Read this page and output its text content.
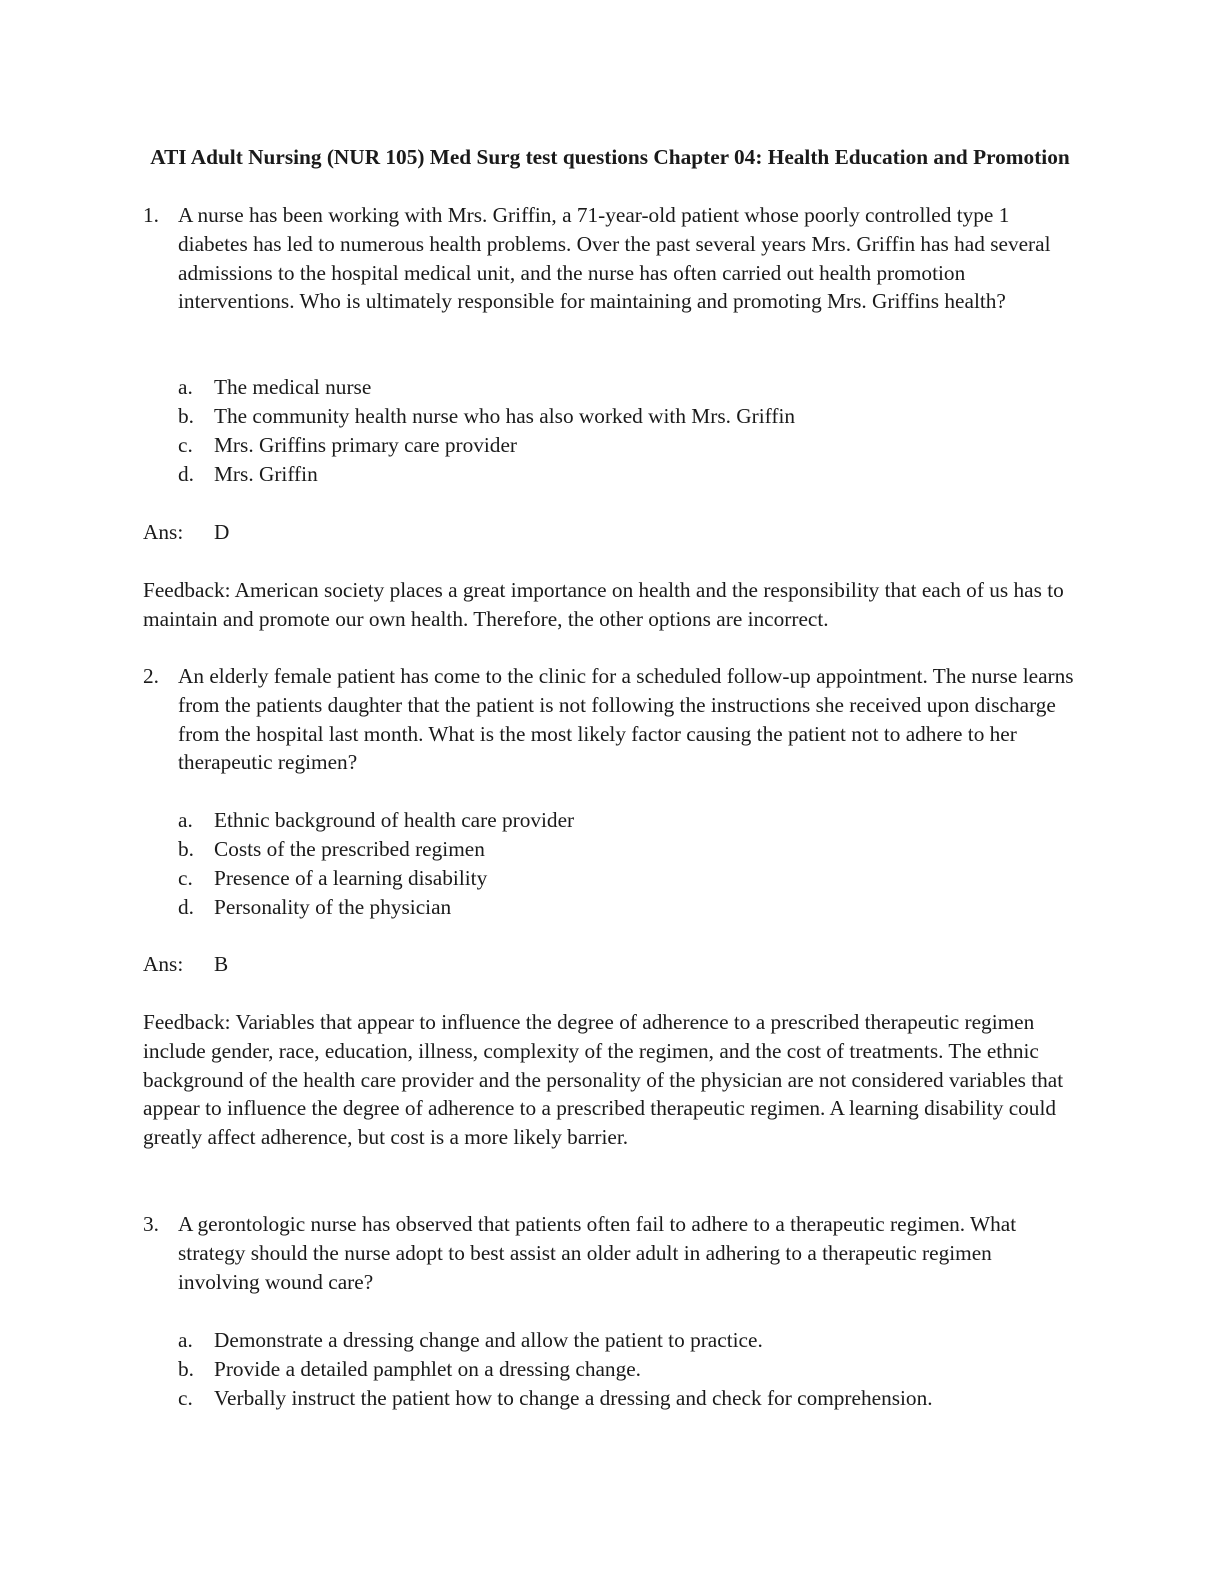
ATI Adult Nursing (NUR 105) Med Surg test questions Chapter 04: Health Education and Promotion
1. A nurse has been working with Mrs. Griffin, a 71-year-old patient whose poorly controlled type 1 diabetes has led to numerous health problems. Over the past several years Mrs. Griffin has had several admissions to the hospital medical unit, and the nurse has often carried out health promotion interventions. Who is ultimately responsible for maintaining and promoting Mrs. Griffins health?
a. The medical nurse
b. The community health nurse who has also worked with Mrs. Griffin
c. Mrs. Griffins primary care provider
d. Mrs. Griffin
Ans: D
Feedback: American society places a great importance on health and the responsibility that each of us has to maintain and promote our own health. Therefore, the other options are incorrect.
2. An elderly female patient has come to the clinic for a scheduled follow-up appointment. The nurse learns from the patients daughter that the patient is not following the instructions she received upon discharge from the hospital last month. What is the most likely factor causing the patient not to adhere to her therapeutic regimen?
a. Ethnic background of health care provider
b. Costs of the prescribed regimen
c. Presence of a learning disability
d. Personality of the physician
Ans: B
Feedback: Variables that appear to influence the degree of adherence to a prescribed therapeutic regimen include gender, race, education, illness, complexity of the regimen, and the cost of treatments. The ethnic background of the health care provider and the personality of the physician are not considered variables that appear to influence the degree of adherence to a prescribed therapeutic regimen. A learning disability could greatly affect adherence, but cost is a more likely barrier.
3. A gerontologic nurse has observed that patients often fail to adhere to a therapeutic regimen. What strategy should the nurse adopt to best assist an older adult in adhering to a therapeutic regimen involving wound care?
a. Demonstrate a dressing change and allow the patient to practice.
b. Provide a detailed pamphlet on a dressing change.
c. Verbally instruct the patient how to change a dressing and check for comprehension.
